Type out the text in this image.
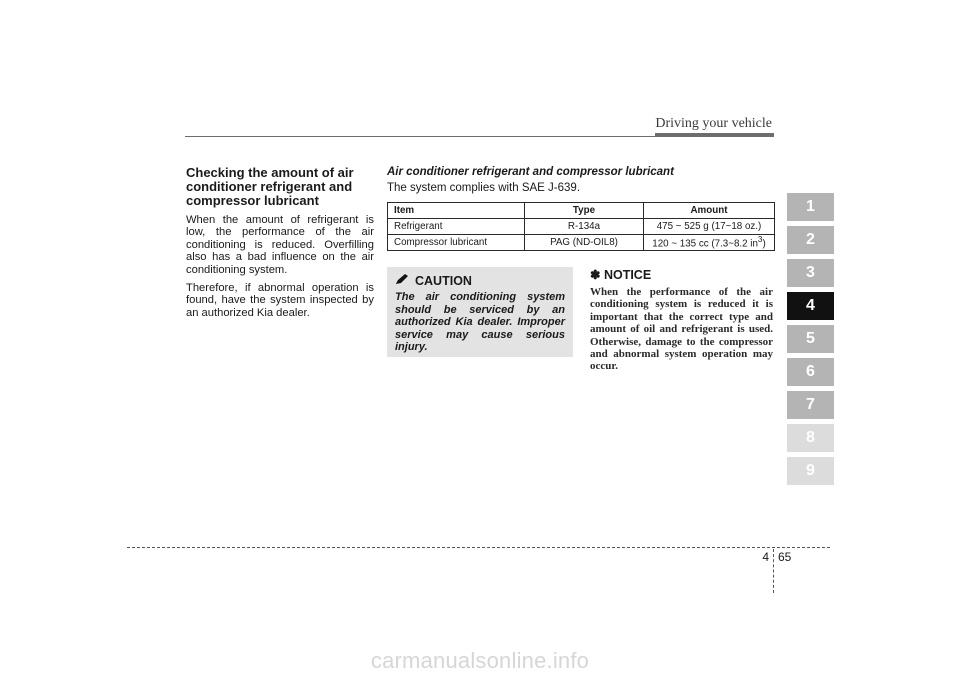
Driving your vehicle
Checking the amount of air conditioner refrigerant and compressor lubricant

When the amount of refrigerant is low, the performance of the air conditioning is reduced. Overfilling also has a bad influence on the air conditioning system.

Therefore, if abnormal operation is found, have the system inspected by an authorized Kia dealer.

Air conditioner refrigerant and compressor lubricant
The system complies with SAE J-639.
Item	Type	Amount
Refrigerant	R-134a	475 ~ 525 g (17~18 oz.)
Compressor lubricant	PAG (ND-OIL8)	120 ~ 135 cc (7.3~8.2 $in^3$)
CAUTION
The air conditioning system should be serviced by an authorized Kia dealer. Improper service may cause serious injury.
✽ NOTICE
When the performance of the air conditioning system is reduced it is important that the correct type and amount of oil and refrigerant is used. Otherwise, damage to the compressor and abnormal system operation may occur.
1
2
3
4
5
6
7
8
9
4 65
carmanualsonline.info
